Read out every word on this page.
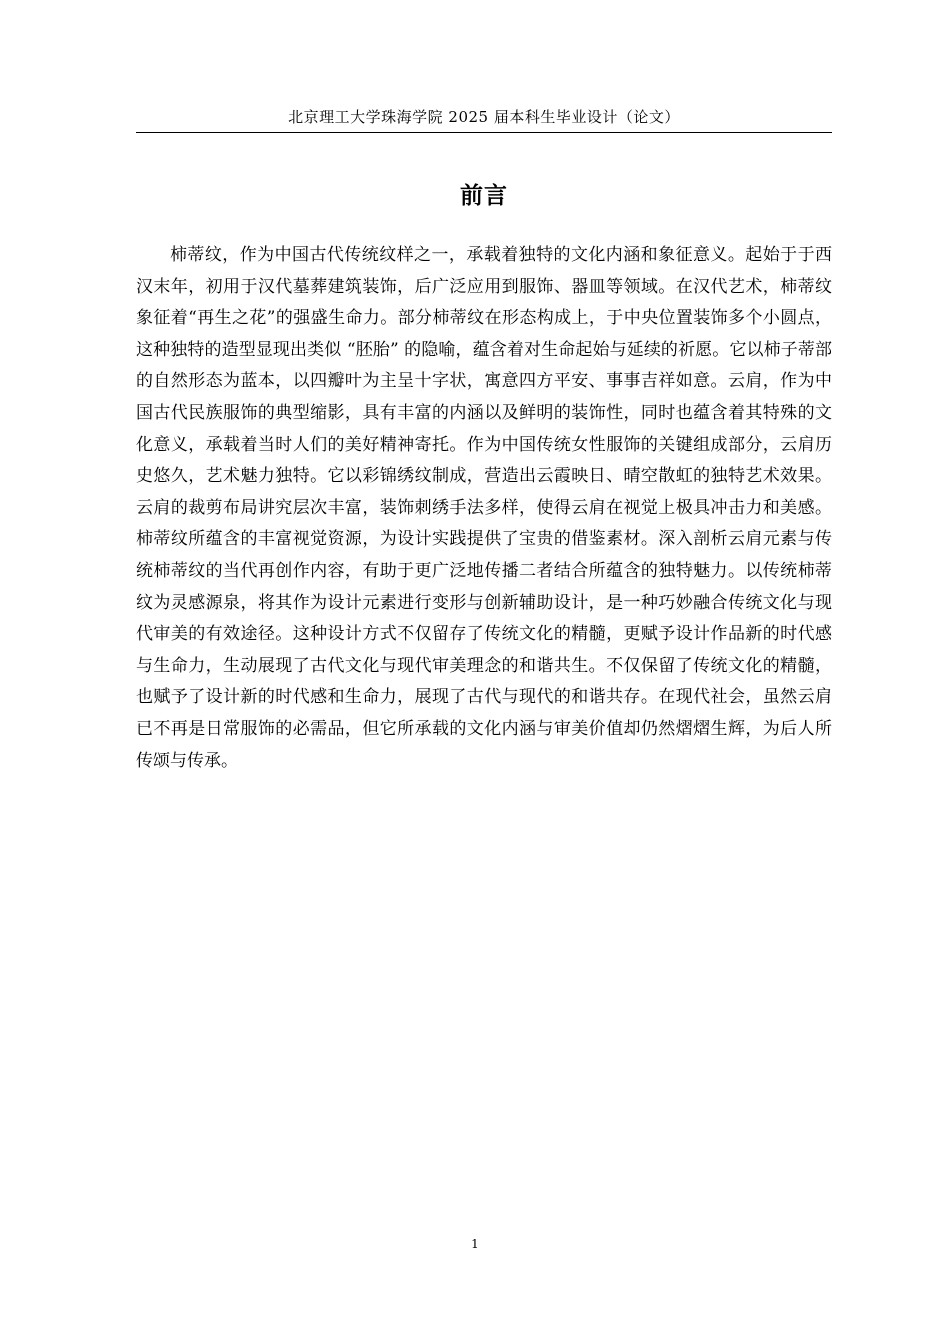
北京理工大学珠海学院 2025 届本科生毕业设计（论文）
前言

柿蒂纹，作为中国古代传统纹样之一，承载着独特的文化内涵和象征意义。起始于于西汉末年，初用于汉代墓葬建筑装饰，后广泛应用到服饰、器皿等领域。在汉代艺术，柿蒂纹象征着“再生之花”的强盛生命力。部分柿蒂纹在形态构成上，于中央位置装饰多个小圆点，这种独特的造型显现出类似 “胚胎” 的隐喻，蕴含着对生命起始与延续的祈愿。它以柿子蒂部的自然形态为蓝本，以四瓣叶为主呈十字状，寓意四方平安、事事吉祥如意。云肩，作为中国古代民族服饰的典型缩影，具有丰富的内涵以及鲜明的装饰性，同时也蕴含着其特殊的文化意义，承载着当时人们的美好精神寄托。作为中国传统女性服饰的关键组成部分，云肩历史悠久，艺术魅力独特。它以彩锦绣纹制成，营造出云霞映日、晴空散虹的独特艺术效果。云肩的裁剪布局讲究层次丰富，装饰刺绣手法多样，使得云肩在视觉上极具冲击力和美感。柿蒂纹所蕴含的丰富视觉资源，为设计实践提供了宝贵的借鉴素材。深入剖析云肩元素与传统柿蒂纹的当代再创作内容，有助于更广泛地传播二者结合所蕴含的独特魅力。以传统柿蒂纹为灵感源泉，将其作为设计元素进行变形与创新辅助设计，是一种巧妙融合传统文化与现代审美的有效途径。这种设计方式不仅留存了传统文化的精髓，更赋予设计作品新的时代感与生命力，生动展现了古代文化与现代审美理念的和谐共生。不仅保留了传统文化的精髓，也赋予了设计新的时代感和生命力，展现了古代与现代的和谐共存。在现代社会，虽然云肩已不再是日常服饰的必需品，但它所承载的文化内涵与审美价值却仍然熠熠生辉，为后人所传颂与传承。

1
